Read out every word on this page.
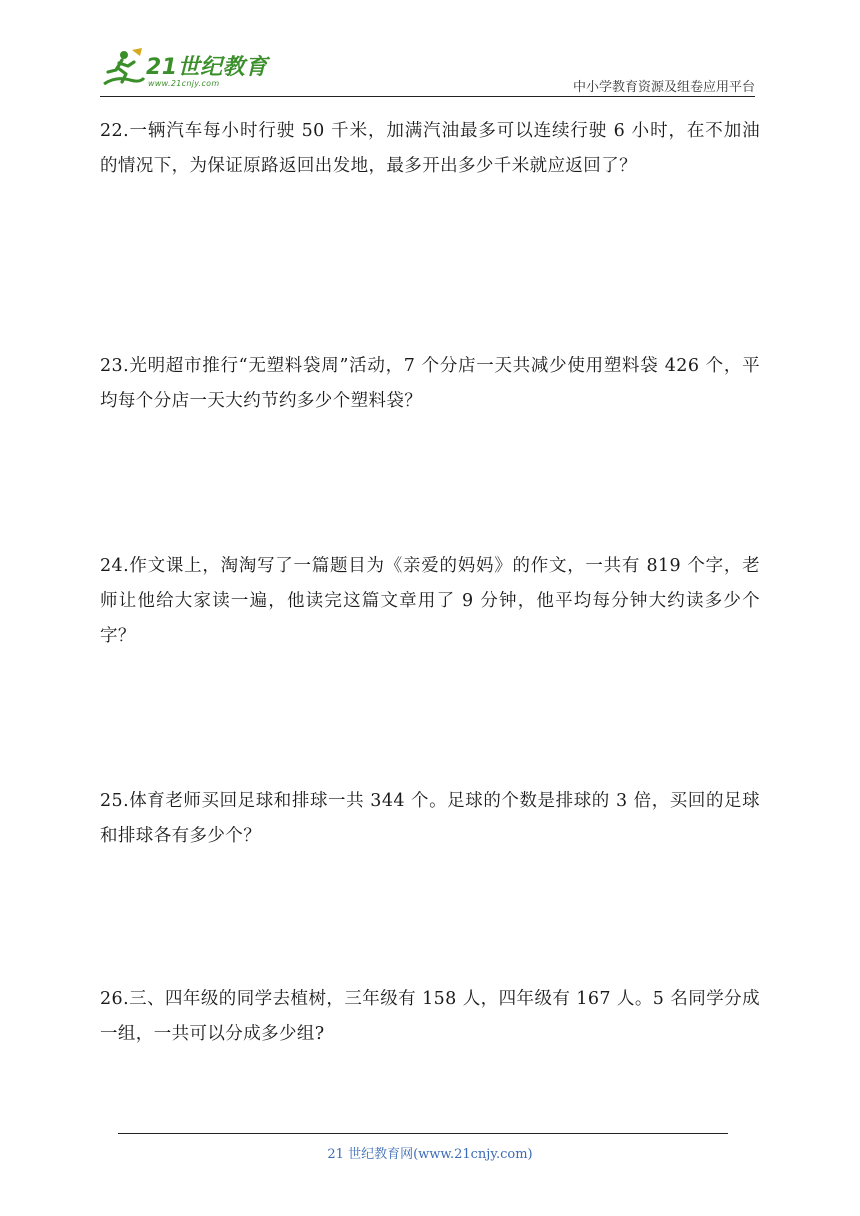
21世纪教育
www.21cnjy.com	中小学教育资源及组卷应用平台
22.一辆汽车每小时行驶 50 千米，加满汽油最多可以连续行驶 6 小时，在不加油的情况下，为保证原路返回出发地，最多开出多少千米就应返回了？
23.光明超市推行“无塑料袋周”活动，7 个分店一天共减少使用塑料袋 426 个，平均每个分店一天大约节约多少个塑料袋？
24.作文课上，淘淘写了一篇题目为《亲爱的妈妈》的作文，一共有 819 个字，老师让他给大家读一遍，他读完这篇文章用了 9 分钟，他平均每分钟大约读多少个字？
25.体育老师买回足球和排球一共 344 个。足球的个数是排球的 3 倍，买回的足球和排球各有多少个？
26.三、四年级的同学去植树，三年级有 158 人，四年级有 167 人。5 名同学分成一组，一共可以分成多少组?
21 世纪教育网(www.21cnjy.com)
